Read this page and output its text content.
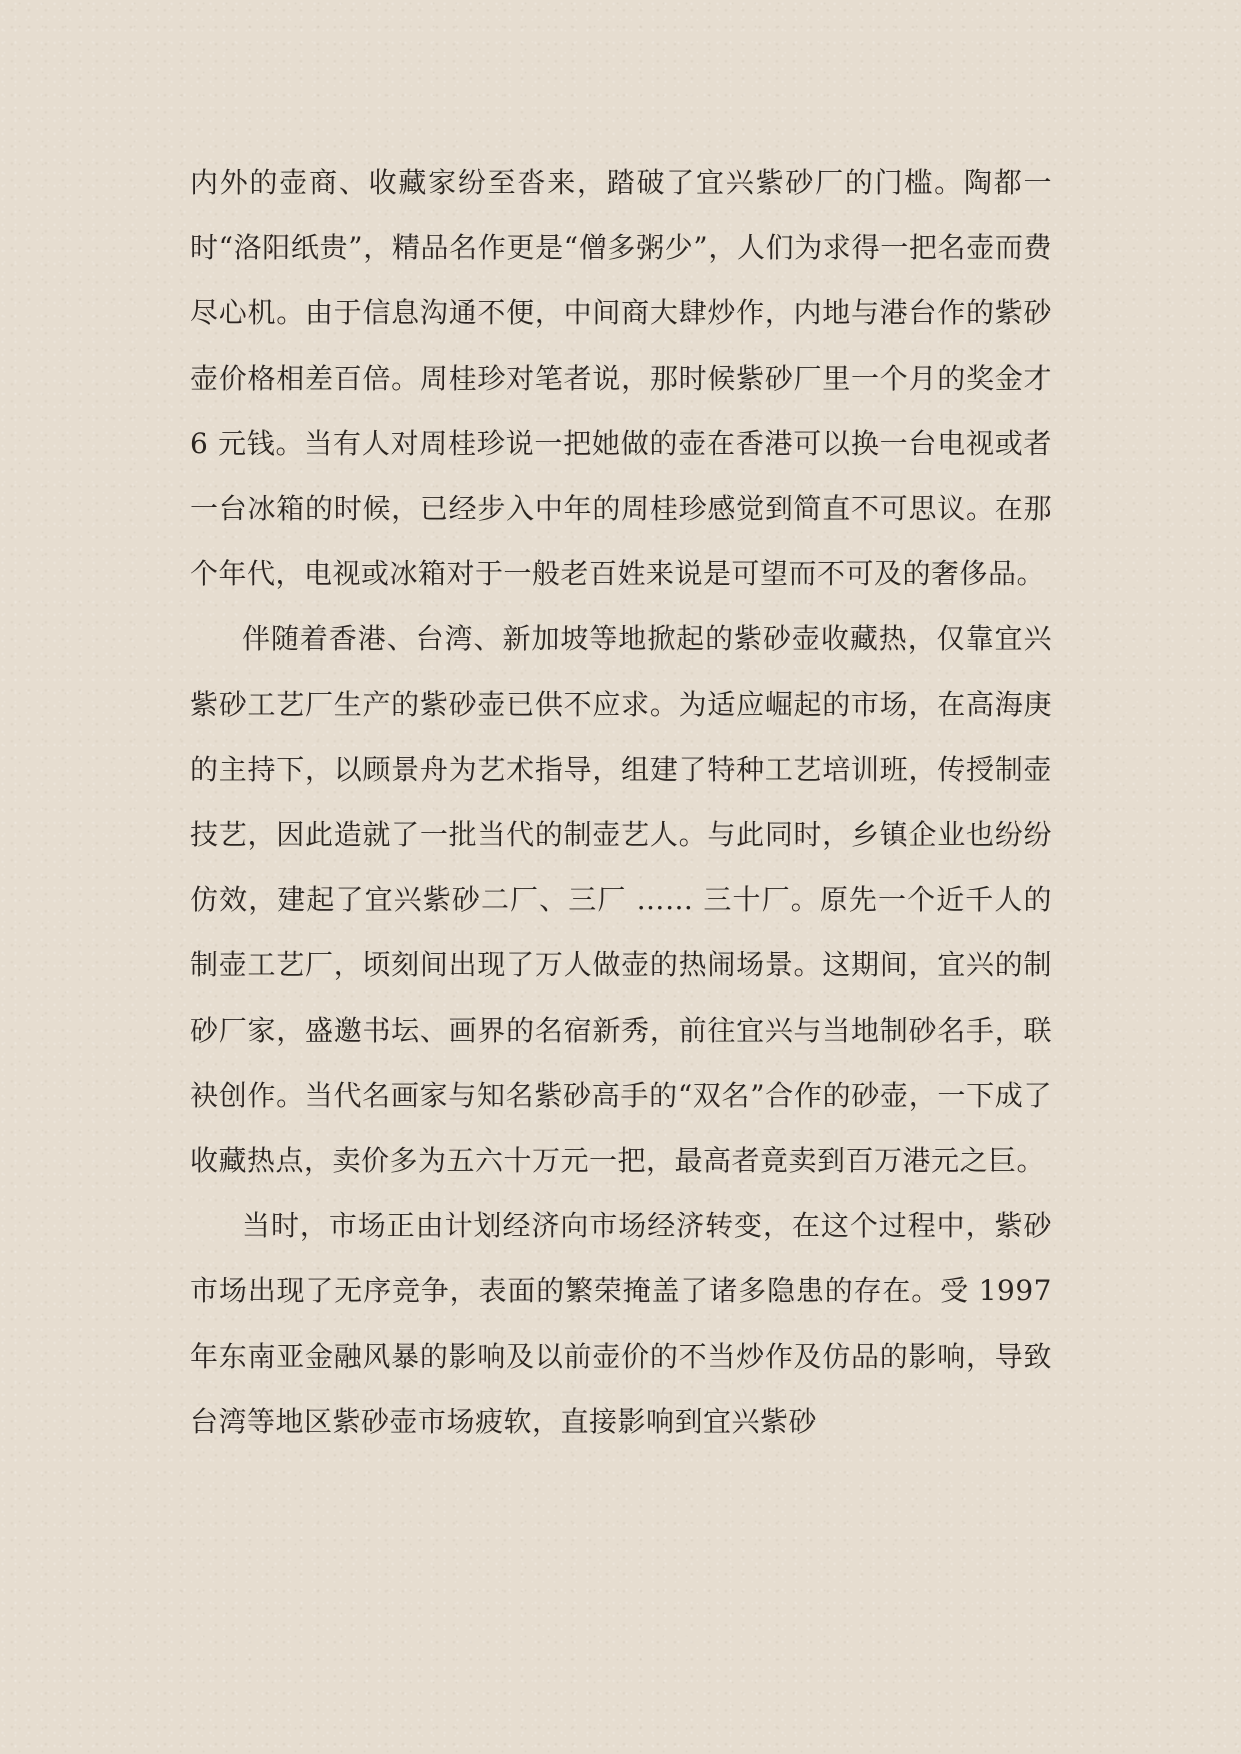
内外的壶商、收藏家纷至沓来，踏破了宜兴紫砂厂的门槛。陶都一时“洛阳纸贵”，精品名作更是“僧多粥少”，人们为求得一把名壶而费尽心机。由于信息沟通不便，中间商大肆炒作，内地与港台作的紫砂壶价格相差百倍。周桂珍对笔者说，那时候紫砂厂里一个月的奖金才 6 元钱。当有人对周桂珍说一把她做的壶在香港可以换一台电视或者一台冰箱的时候，已经步入中年的周桂珍感觉到简直不可思议。在那个年代，电视或冰箱对于一般老百姓来说是可望而不可及的奢侈品。

伴随着香港、台湾、新加坡等地掀起的紫砂壶收藏热，仅靠宜兴紫砂工艺厂生产的紫砂壶已供不应求。为适应崛起的市场，在高海庚的主持下，以顾景舟为艺术指导，组建了特种工艺培训班，传授制壶技艺，因此造就了一批当代的制壶艺人。与此同时，乡镇企业也纷纷仿效，建起了宜兴紫砂二厂、三厂 …… 三十厂。原先一个近千人的制壶工艺厂，顷刻间出现了万人做壶的热闹场景。这期间，宜兴的制砂厂家，盛邀书坛、画界的名宿新秀，前往宜兴与当地制砂名手，联袂创作。当代名画家与知名紫砂高手的“双名”合作的砂壶，一下成了收藏热点，卖价多为五六十万元一把，最高者竟卖到百万港元之巨。

当时，市场正由计划经济向市场经济转变，在这个过程中，紫砂市场出现了无序竞争，表面的繁荣掩盖了诸多隐患的存在。受 1997 年东南亚金融风暴的影响及以前壶价的不当炒作及仿品的影响，导致台湾等地区紫砂壶市场疲软，直接影响到宜兴紫砂
